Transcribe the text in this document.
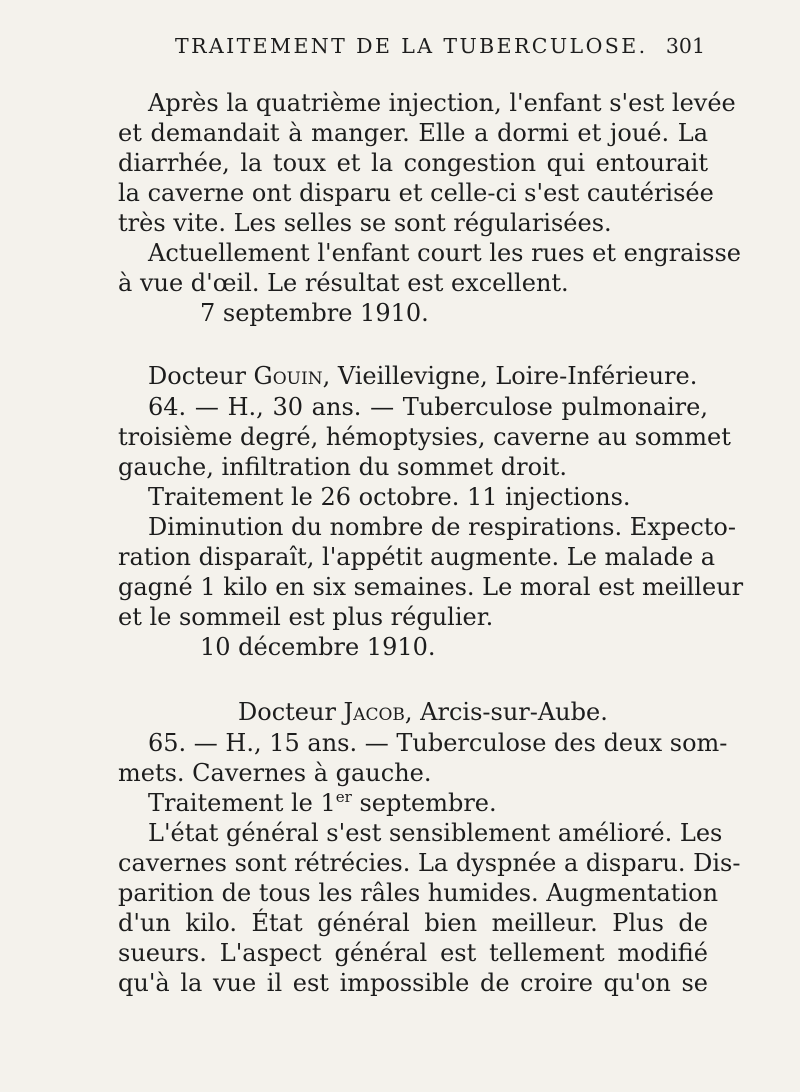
TRAITEMENT DE LA TUBERCULOSE. 301
Après la quatrième injection, l'enfant s'est levée
et demandait à manger. Elle a dormi et joué. La
diarrhée, la toux et la congestion qui entourait
la caverne ont disparu et celle-ci s'est cautérisée
très vite. Les selles se sont régularisées.
Actuellement l'enfant court les rues et engraisse
à vue d'œil. Le résultat est excellent.
7 septembre 1910.
Docteur Gouin, Vieillevigne, Loire-Inférieure.
64. — H., 30 ans. — Tuberculose pulmonaire,
troisième degré, hémoptysies, caverne au sommet
gauche, infiltration du sommet droit.
Traitement le 26 octobre. 11 injections.
Diminution du nombre de respirations. Expecto-
ration disparaît, l'appétit augmente. Le malade a
gagné 1 kilo en six semaines. Le moral est meilleur
et le sommeil est plus régulier.
10 décembre 1910.
Docteur Jacob, Arcis-sur-Aube.
65. — H., 15 ans. — Tuberculose des deux som-
mets. Cavernes à gauche.
Traitement le 1er septembre.
L'état général s'est sensiblement amélioré. Les
cavernes sont rétrécies. La dyspnée a disparu. Dis-
parition de tous les râles humides. Augmentation
d'un kilo. État général bien meilleur. Plus de
sueurs. L'aspect général est tellement modifié
qu'à la vue il est impossible de croire qu'on se
